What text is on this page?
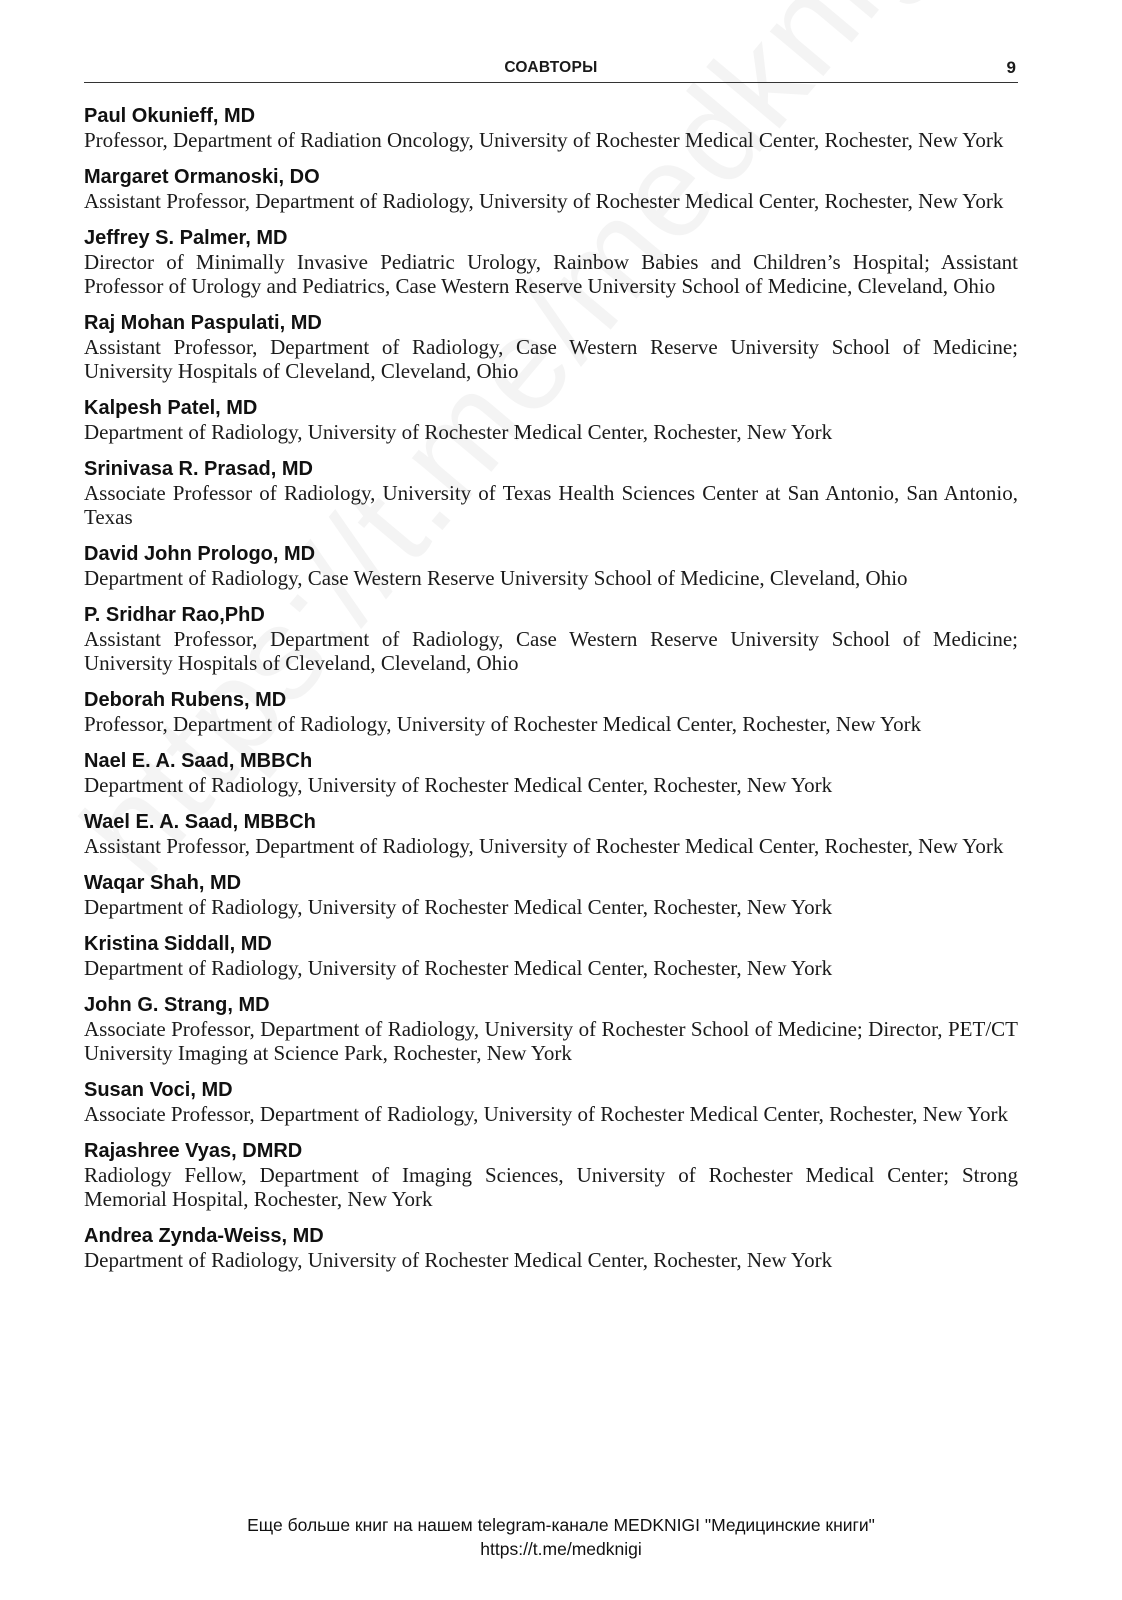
СОАВТОРЫ	9
Paul Okunieff, MD
Professor, Department of Radiation Oncology, University of Rochester Medical Center, Rochester, New York
Margaret Ormanoski, DO
Assistant Professor, Department of Radiology, University of Rochester Medical Center, Rochester, New York
Jeffrey S. Palmer, MD
Director of Minimally Invasive Pediatric Urology, Rainbow Babies and Children’s Hospital; Assistant Professor of Urology and Pediatrics, Case Western Reserve University School of Medicine, Cleveland, Ohio
Raj Mohan Paspulati, MD
Assistant Professor, Department of Radiology, Case Western Reserve University School of Medicine; University Hospitals of Cleveland, Cleveland, Ohio
Kalpesh Patel, MD
Department of Radiology, University of Rochester Medical Center, Rochester, New York
Srinivasa R. Prasad, MD
Associate Professor of Radiology, University of Texas Health Sciences Center at San Antonio, San Antonio, Texas
David John Prologo, MD
Department of Radiology, Case Western Reserve University School of Medicine, Cleveland, Ohio
P. Sridhar Rao,PhD
Assistant Professor, Department of Radiology, Case Western Reserve University School of Medicine; University Hospitals of Cleveland, Cleveland, Ohio
Deborah Rubens, MD
Professor, Department of Radiology, University of Rochester Medical Center, Rochester, New York
Nael E. A. Saad, MBBCh
Department of Radiology, University of Rochester Medical Center, Rochester, New York
Wael E. A. Saad, MBBCh
Assistant Professor, Department of Radiology, University of Rochester Medical Center, Rochester, New York
Waqar Shah, MD
Department of Radiology, University of Rochester Medical Center, Rochester, New York
Kristina Siddall, MD
Department of Radiology, University of Rochester Medical Center, Rochester, New York
John G. Strang, MD
Associate Professor, Department of Radiology, University of Rochester School of Medicine; Director, PET/CT University Imaging at Science Park, Rochester, New York
Susan Voci, MD
Associate Professor, Department of Radiology, University of Rochester Medical Center, Rochester, New York
Rajashree Vyas, DMRD
Radiology Fellow, Department of Imaging Sciences, University of Rochester Medical Center; Strong Memorial Hospital, Rochester, New York
Andrea Zynda-Weiss, MD
Department of Radiology, University of Rochester Medical Center, Rochester, New York
Еще больше книг на нашем telegram-канале MEDKNIGI "Медицинские книги"
https://t.me/medknigi
